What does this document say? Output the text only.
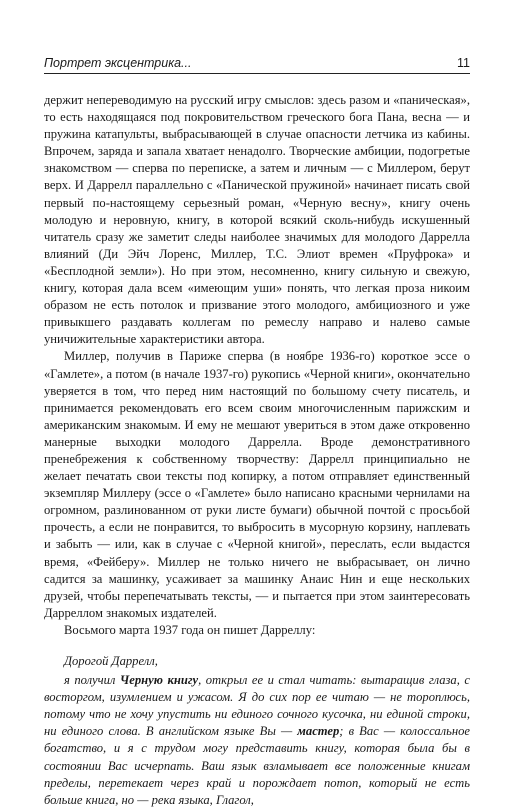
Портрет эксцентрика...	11

держит непереводимую на русский игру смыслов: здесь разом и «паническая», то есть находящаяся под покровительством греческого бога Пана, весна — и пружина катапульты, выбрасывающей в случае опасности летчика из кабины. Впрочем, заряда и запала хватает ненадолго. Творческие амбиции, подогретые знакомством — сперва по переписке, а затем и личным — с Миллером, берут верх. И Даррелл параллельно с «Панической пружиной» начинает писать свой первый по-настоящему серьезный роман, «Черную весну», книгу очень молодую и неровную, книгу, в которой всякий сколь-нибудь искушенный читатель сразу же заметит следы наиболее значимых для молодого Даррелла влияний (Ди Эйч Лоренс, Миллер, Т.С. Элиот времен «Пруфрока» и «Бесплодной земли»). Но при этом, несомненно, книгу сильную и свежую, книгу, которая дала всем «имеющим уши» понять, что легкая проза никоим образом не есть потолок и призвание этого молодого, амбициозного и уже привыкшего раздавать коллегам по ремеслу направо и налево самые уничижительные характеристики автора.

Миллер, получив в Париже сперва (в ноябре 1936-го) короткое эссе о «Гамлете», а потом (в начале 1937-го) рукопись «Черной книги», окончательно уверяется в том, что перед ним настоящий по большому счету писатель, и принимается рекомендовать его всем своим многочисленным парижским и американским знакомым. И ему не мешают увериться в этом даже откровенно манерные выходки молодого Даррелла. Вроде демонстративного пренебрежения к собственному творчеству: Даррелл принципиально не желает печатать свои тексты под копирку, а потом отправляет единственный экземпляр Миллеру (эссе о «Гамлете» было написано красными чернилами на огромном, разлинованном от руки листе бумаги) обычной почтой с просьбой прочесть, а если не понравится, то выбросить в мусорную корзину, наплевать и забыть — или, как в случае с «Черной книгой», переслать, если выдастся время, «Фейберу». Миллер не только ничего не выбрасывает, он лично садится за машинку, усаживает за машинку Анаис Нин и еще нескольких друзей, чтобы перепечатывать тексты, — и пытается при этом заинтересовать Дарреллом знакомых издателей.

Восьмого марта 1937 года он пишет Дарреллу:

Дорогой Даррелл,

я получил Черную книгу, открыл ее и стал читать: вытаращив глаза, с восторгом, изумлением и ужасом. Я до сих пор ее читаю — не тороплюсь, потому что не хочу упустить ни единого сочного кусочка, ни единой строки, ни единого слова. В английском языке Вы — мастер; в Вас — колоссальное богатство, и я с трудом могу представить книгу, которая была бы в состоянии Вас исчерпать. Ваш язык взламывает все положенные книгам пределы, перетекает через край и порождает потоп, который не есть больше книга, но — река языка, Глагол,
